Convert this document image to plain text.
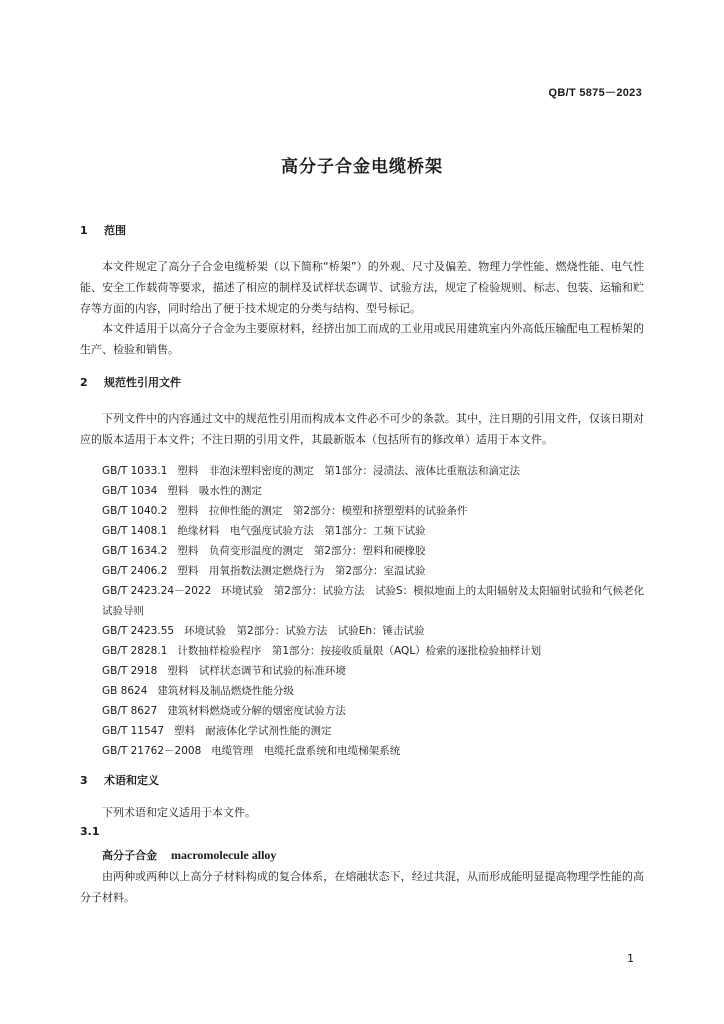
QB/T 5875－2023
高分子合金电缆桥架
1 范围
本文件规定了高分子合金电缆桥架（以下简称“桥架”）的外观、尺寸及偏差、物理力学性能、燃烧性能、电气性能、安全工作载荷等要求，描述了相应的制样及试样状态调节、试验方法，规定了检验规则、标志、包装、运输和贮存等方面的内容，同时给出了便于技术规定的分类与结构、型号标记。
本文件适用于以高分子合金为主要原材料，经挤出加工而成的工业用或民用建筑室内外高低压输配电工程桥架的生产、检验和销售。
2 规范性引用文件
下列文件中的内容通过文中的规范性引用而构成本文件必不可少的条款。其中，注日期的引用文件，仅该日期对应的版本适用于本文件；不注日期的引用文件，其最新版本（包括所有的修改单）适用于本文件。
GB/T 1033.1 塑料　非泡沫塑料密度的测定　第1部分：浸渍法、液体比重瓶法和滴定法
GB/T 1034 塑料　吸水性的测定
GB/T 1040.2 塑料　拉伸性能的测定　第2部分：模塑和挤塑塑料的试验条件
GB/T 1408.1 绝缘材料　电气强度试验方法　第1部分：工频下试验
GB/T 1634.2 塑料　负荷变形温度的测定　第2部分：塑料和硬橡胶
GB/T 2406.2 塑料　用氧指数法测定燃烧行为　第2部分：室温试验
GB/T 2423.24－2022 环境试验　第2部分：试验方法　试验S：模拟地面上的太阳辐射及太阳辐射试验和气候老化试验导则
GB/T 2423.55 环境试验　第2部分：试验方法　试验Eh：锤击试验
GB/T 2828.1 计数抽样检验程序　第1部分：按接收质量限（AQL）检索的逐批检验抽样计划
GB/T 2918 塑料　试样状态调节和试验的标准环境
GB 8624 建筑材料及制品燃烧性能分级
GB/T 8627 建筑材料燃烧或分解的烟密度试验方法
GB/T 11547 塑料　耐液体化学试剂性能的测定
GB/T 21762－2008 电缆管理　电缆托盘系统和电缆梯架系统
3 术语和定义
下列术语和定义适用于本文件。
3.1
高分子合金 macromolecule alloy
由两种或两种以上高分子材料构成的复合体系，在熔融状态下，经过共混，从而形成能明显提高物理学性能的高分子材料。
1
